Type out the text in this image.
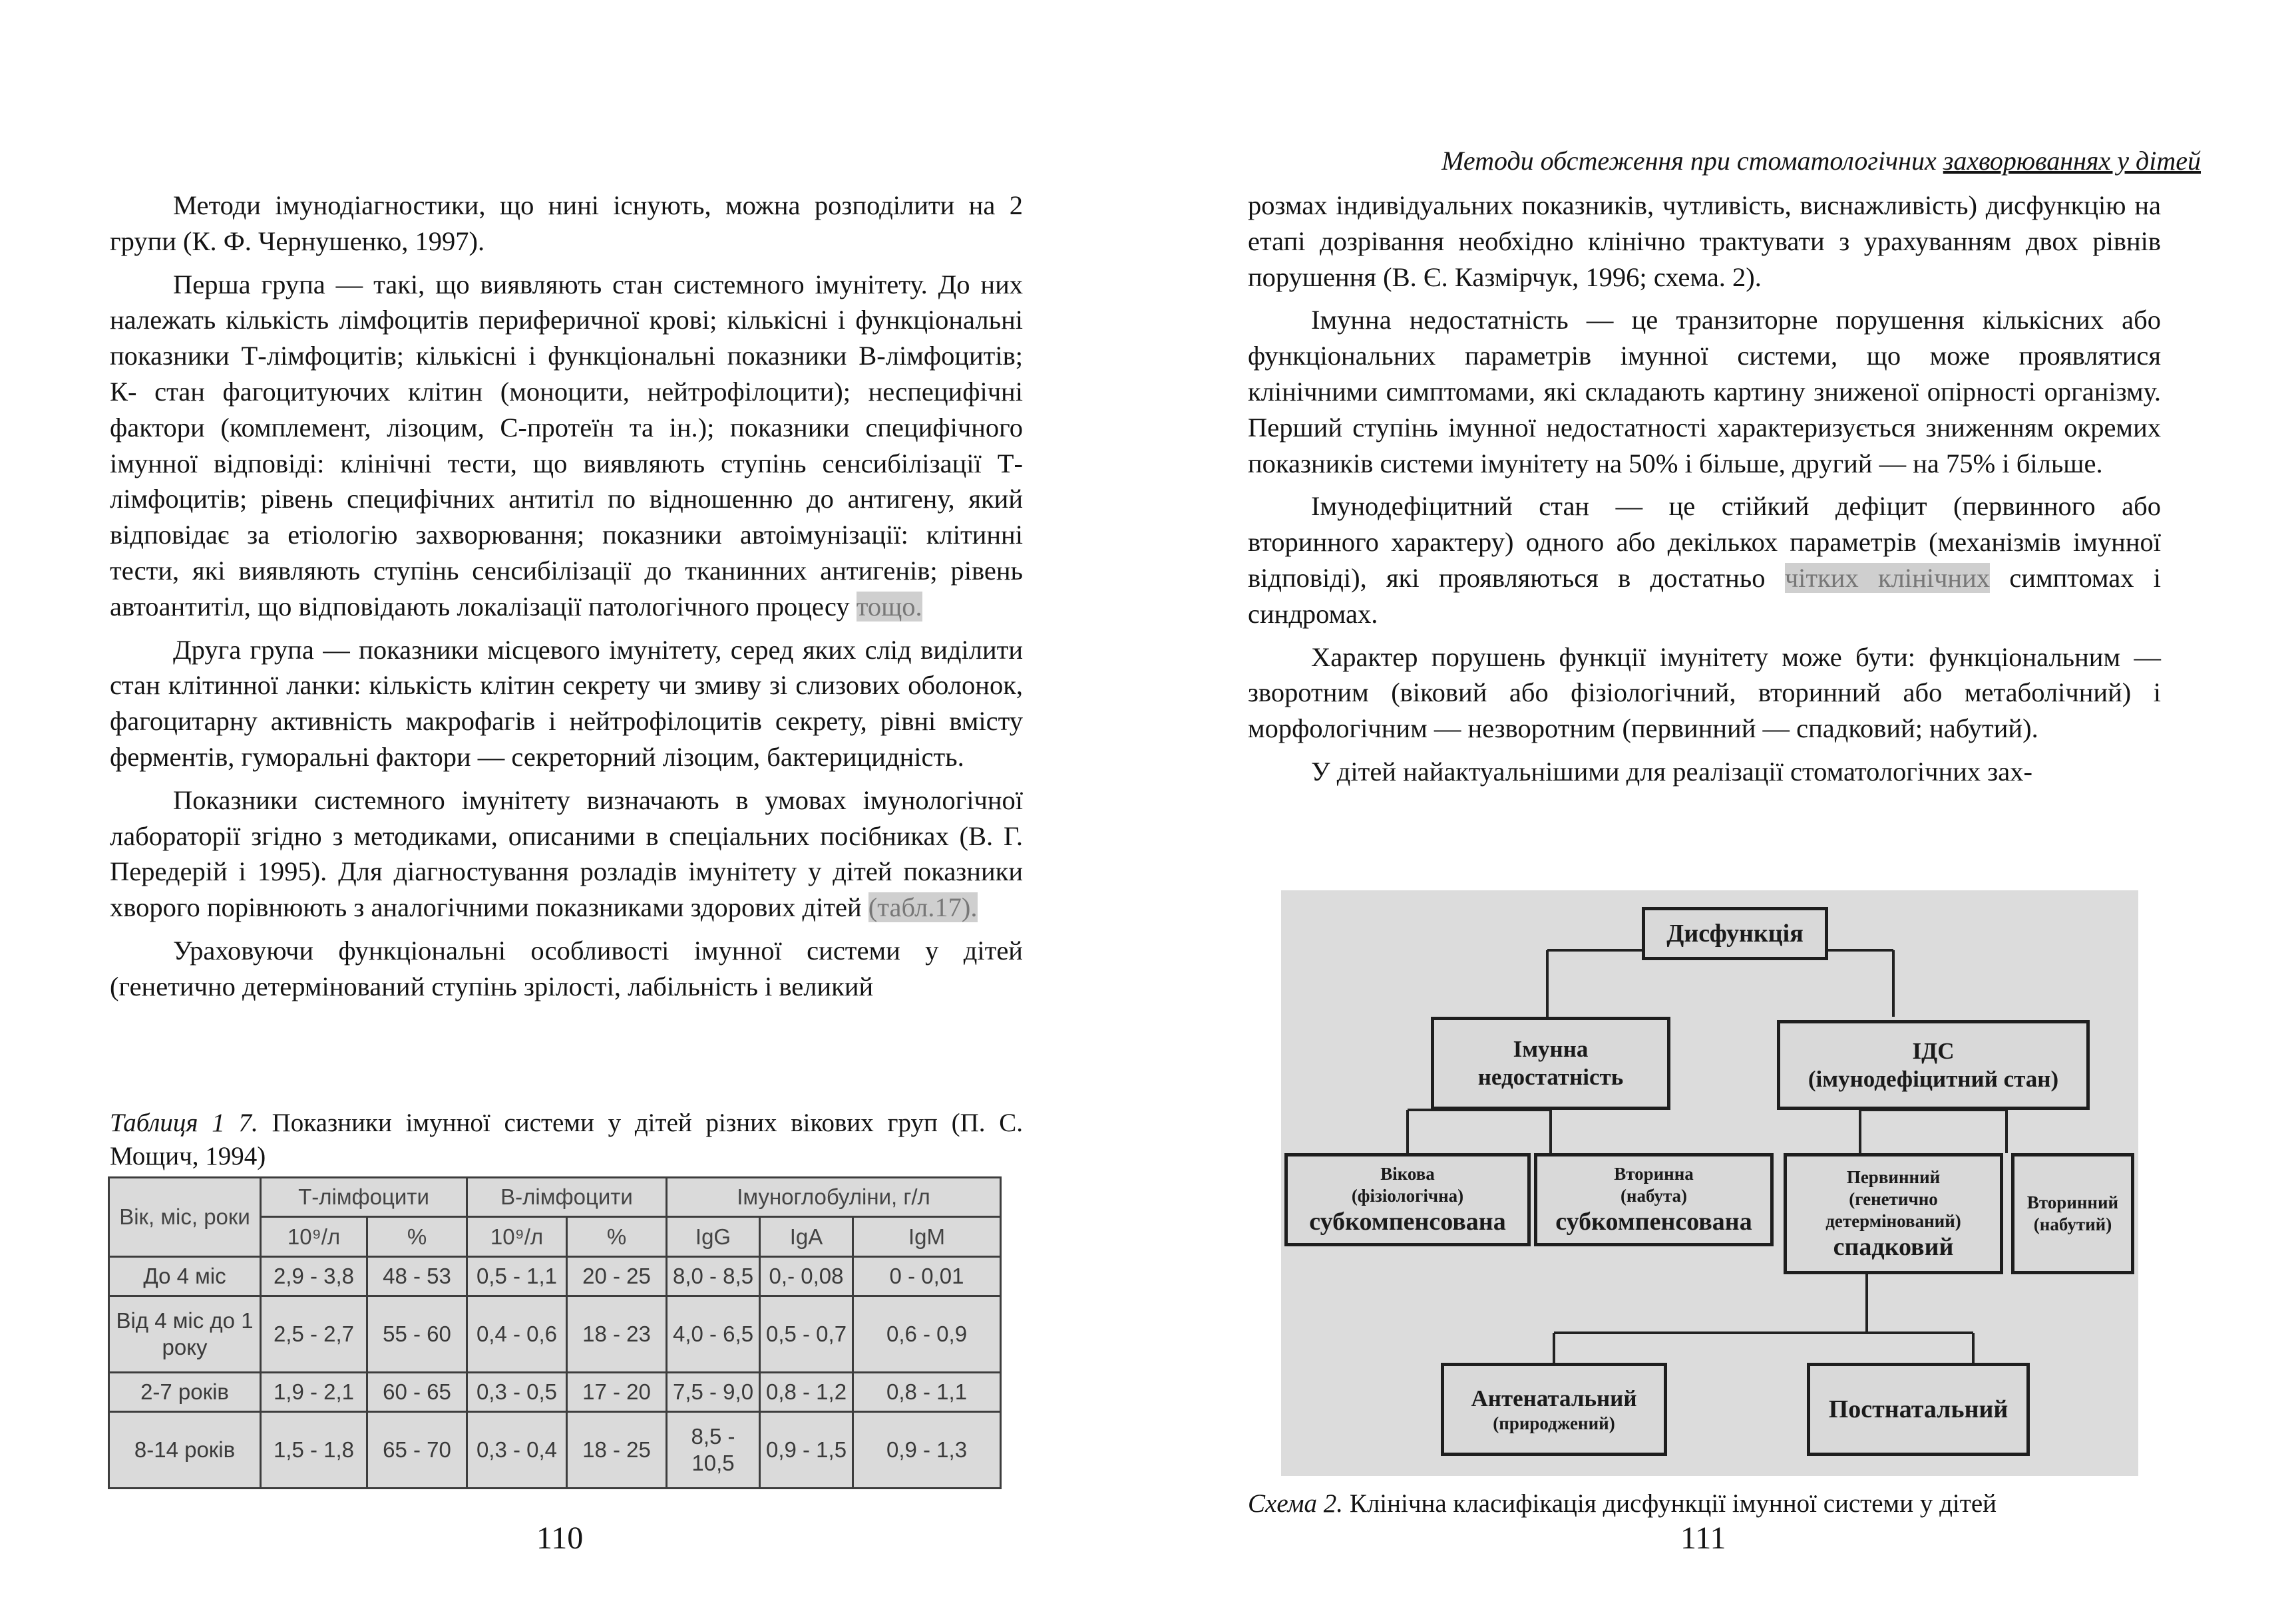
Методи імунодіагностики, що нині існують, можна розподілити на 2 групи (К. Ф. Чернушенко, 1997).

Перша група — такі, що виявляють стан системного імунітету. До них належать кількість лімфоцитів периферичної крові; кількісні і функціональні показники Т-лімфоцитів; кількісні і функціональні показники В-лімфоцитів; К- стан фагоцитуючих клітин (моноцити, нейтрофілоцити); неспецифічні фактори (комплемент, лізоцим, С-протеїн та ін.); показники специфічного імунної відповіді: клінічні тести, що виявляють ступінь сенсибілізації Т-лімфоцитів; рівень специфічних антитіл по відношенню до антигену, який відповідає за етіологію захворювання; показники автоімунізації: клітинні тести, які виявляють ступінь сенсибілізації до тканинних антигенів; рівень автоантитіл, що відповідають локалізації патологічного процесу тощо.

Друга група — показники місцевого імунітету, серед яких слід виділити стан клітинної ланки: кількість клітин секрету чи змиву зі слизових оболонок, фагоцитарну активність макрофагів і нейтрофілоцитів секрету, рівні вмісту ферментів, гуморальні фактори — секреторний лізоцим, бактерицидність.

Показники системного імунітету визначають в умовах імунологічної лабораторії згідно з методиками, описаними в спеціальних посібниках (В. Г. Передерій і 1995). Для діагностування розладів імунітету у дітей показники хворого порівнюють з аналогічними показниками здорових дітей (табл.17).

Ураховуючи функціональні особливості імунної системи у дітей (генетично детермінований ступінь зрілості, лабільність і великий

Таблиця 1 7. Показники імунної системи у дітей різних вікових груп (П. С. Мощич, 1994)
Вік, міс, роки	Т-лімфоцити		В-лімфоцити		Імуноглобуліни, г/л		
	10⁹/л	%	10⁹/л	%	IgG	IgA	IgM
До 4 міс	2,9 - 3,8	48 - 53	0,5 - 1,1	20 - 25	8,0 - 8,5	0,- 0,08	0 - 0,01
Від 4 міс до 1 року	2,5 - 2,7	55 - 60	0,4 - 0,6	18 - 23	4,0 - 6,5	0,5 - 0,7	0,6 - 0,9
2-7 років	1,9 - 2,1	60 - 65	0,3 - 0,5	17 - 20	7,5 - 9,0	0,8 - 1,2	0,8 - 1,1
8-14 років	1,5 - 1,8	65 - 70	0,3 - 0,4	18 - 25	8,5 - 10,5	0,9 - 1,5	0,9 - 1,3
110
Методи обстеження при стоматологічних захворюваннях у дітей

розмах індивідуальних показників, чутливість, виснажливість) дисфункцію на етапі дозрівання необхідно клінічно трактувати з урахуванням двох рівнів порушення (В. Є. Казмірчук, 1996; схема. 2).

Імунна недостатність — це транзиторне порушення кількісних або функціональних параметрів імунної системи, що може проявлятися клінічними симптомами, які складають картину зниженої опірності організму. Перший ступінь імунної недостатності характеризується зниженням окремих показників системи імунітету на 50% і більше, другий — на 75% і більше.

Імунодефіцитний стан — це стійкий дефіцит (первинного або вторинного характеру) одного або декількох параметрів (механізмів імунної відповіді), які проявляються в достатньо чітких клінічних симптомах і синдромах.

Характер порушень функції імунітету може бути: функціональним — зворотним (віковий або фізіологічний, вторинний або метаболічний) і морфологічним — незворотним (первинний — спадковий; набутий).

У дітей найактуальнішими для реалізації стоматологічних зах-

Дисфункція
Імунна
недостатність
ІДС
(імунодефіцитний стан)
Вікова
(фізіологічна)
субкомпенсована
Вторинна
(набута)
субкомпенсована
Первинний
(генетично
детермінований)
спадковий
Вторинний
(набутий)
Антенатальний
(природжений)	Постнатальний
Схема 2. Клінічна класифікація дисфункції імунної системи у дітей
111
